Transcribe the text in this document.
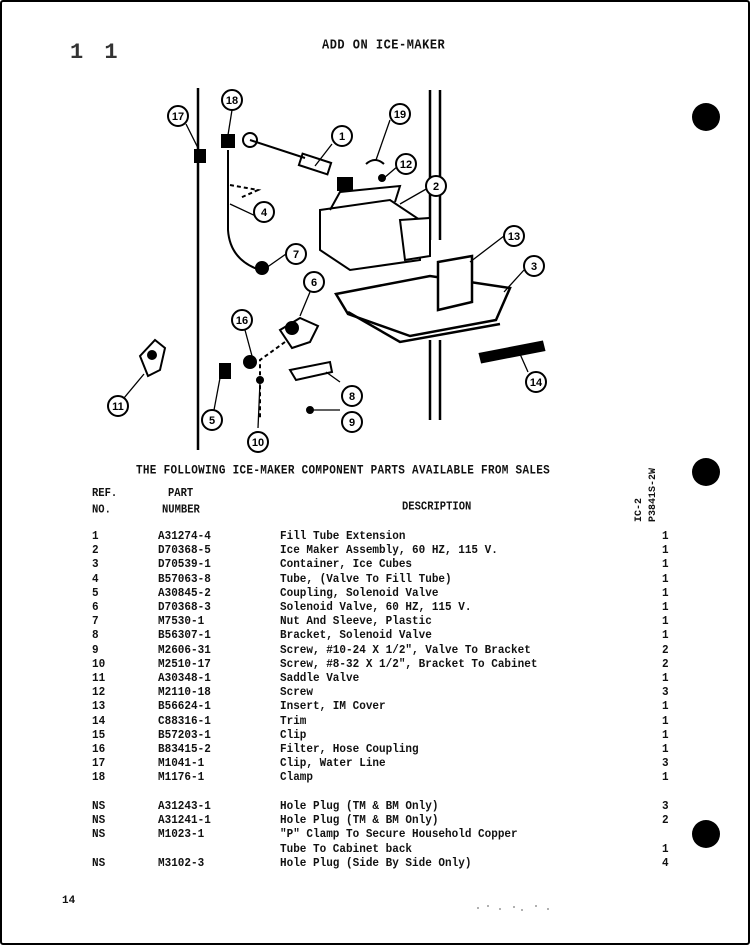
1 1	ADD ON ICE-MAKER
IC-2 P3841S-2W
17
18
1
19
12
2
4
13
7
3
6
16
14
8
11
5	9
10
THE FOLLOWING ICE-MAKER COMPONENT PARTS AVAILABLE FROM SALES
REF.
NO.
PART
NUMBER	DESCRIPTION
1	A31274-4	Fill Tube Extension	1
2	D70368-5	Ice Maker Assembly, 60 HZ, 115 V.	1
3	D70539-1	Container, Ice Cubes	1
4	B57063-8	Tube, (Valve To Fill Tube)	1
5	A30845-2	Coupling, Solenoid Valve	1
6	D70368-3	Solenoid Valve, 60 HZ, 115 V.	1
7	M7530-1	Nut And Sleeve, Plastic	1
8	B56307-1	Bracket, Solenoid Valve	1
9	M2606-31	Screw, #10-24 X 1/2", Valve To Bracket	2
10	M2510-17	Screw, #8-32 X 1/2", Bracket To Cabinet	2
11	A30348-1	Saddle Valve	1
12	M2110-18	Screw	3
13	B56624-1	Insert, IM Cover	1
14	C88316-1	Trim	1
15	B57203-1	Clip	1
16	B83415-2	Filter, Hose Coupling	1
17	M1041-1	Clip, Water Line	3
18	M1176-1	Clamp	1
NS	A31243-1	Hole Plug (TM & BM Only)	3
NS	A31241-1	Hole Plug (TM & BM Only)	2
NS	M1023-1	"P" Clamp To Secure Household Copper
Tube To Cabinet back	1
NS	M3102-3	Hole Plug (Side By Side Only)	4
14
